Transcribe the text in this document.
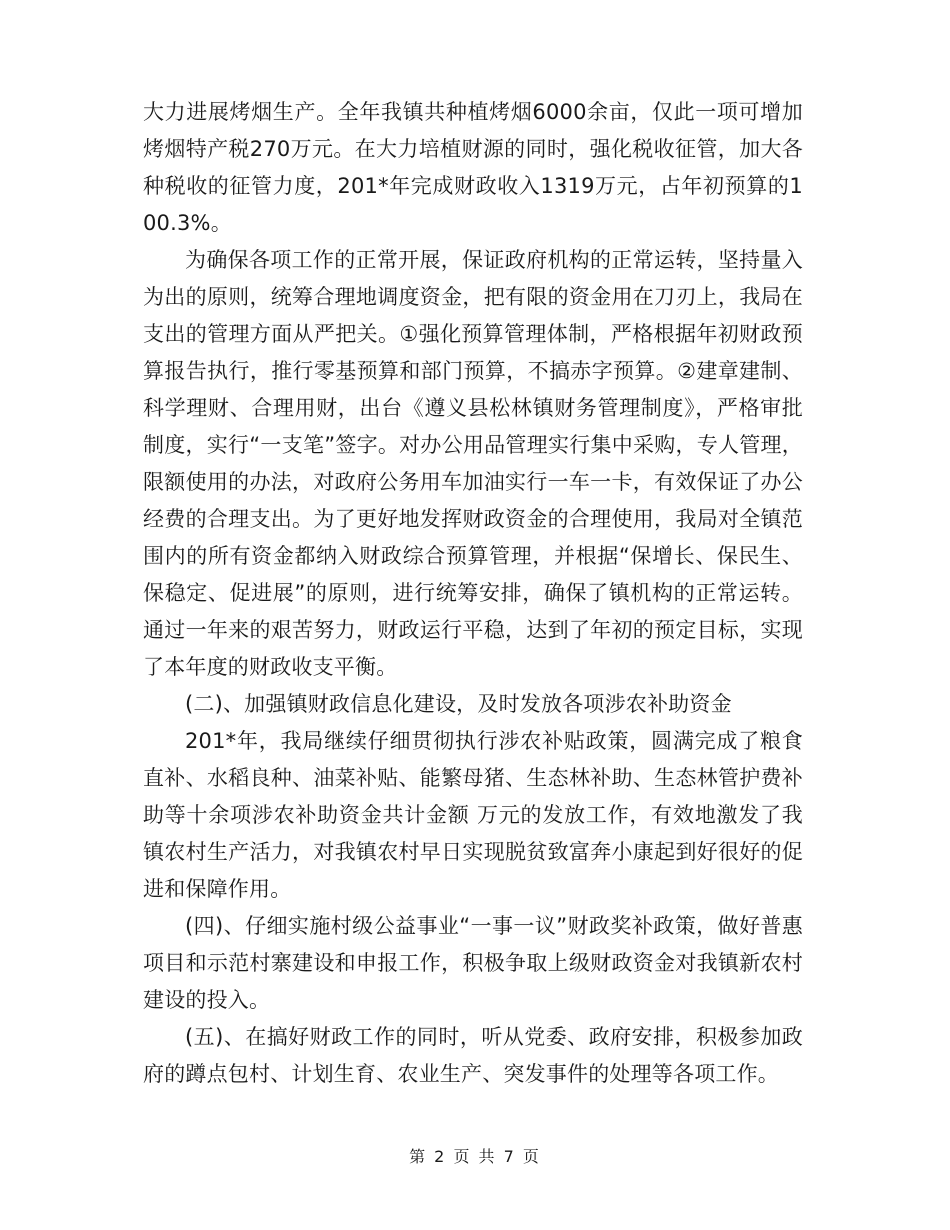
大力进展烤烟生产。全年我镇共种植烤烟6000余亩，仅此一项可增加烤烟特产税270万元。在大力培植财源的同时，强化税收征管，加大各种税收的征管力度，201*年完成财政收入1319万元，占年初预算的100.3%。

为确保各项工作的正常开展，保证政府机构的正常运转，坚持量入为出的原则，统筹合理地调度资金，把有限的资金用在刀刃上，我局在支出的管理方面从严把关。①强化预算管理体制，严格根据年初财政预算报告执行，推行零基预算和部门预算，不搞赤字预算。②建章建制、科学理财、合理用财，出台《遵义县松林镇财务管理制度》，严格审批制度，实行“一支笔”签字。对办公用品管理实行集中采购，专人管理，限额使用的办法，对政府公务用车加油实行一车一卡，有效保证了办公经费的合理支出。为了更好地发挥财政资金的合理使用，我局对全镇范围内的所有资金都纳入财政综合预算管理，并根据“保增长、保民生、保稳定、促进展”的原则，进行统筹安排，确保了镇机构的正常运转。通过一年来的艰苦努力，财政运行平稳，达到了年初的预定目标，实现了本年度的财政收支平衡。

(二)、加强镇财政信息化建设，及时发放各项涉农补助资金

201*年，我局继续仔细贯彻执行涉农补贴政策，圆满完成了粮食直补、水稻良种、油菜补贴、能繁母猪、生态林补助、生态林管护费补助等十余项涉农补助资金共计金额 万元的发放工作，有效地激发了我镇农村生产活力，对我镇农村早日实现脱贫致富奔小康起到好很好的促进和保障作用。

(四)、仔细实施村级公益事业“一事一议”财政奖补政策，做好普惠项目和示范村寨建设和申报工作，积极争取上级财政资金对我镇新农村建设的投入。

(五)、在搞好财政工作的同时，听从党委、政府安排，积极参加政府的蹲点包村、计划生育、农业生产、突发事件的处理等各项工作。

第 2 页 共 7 页
